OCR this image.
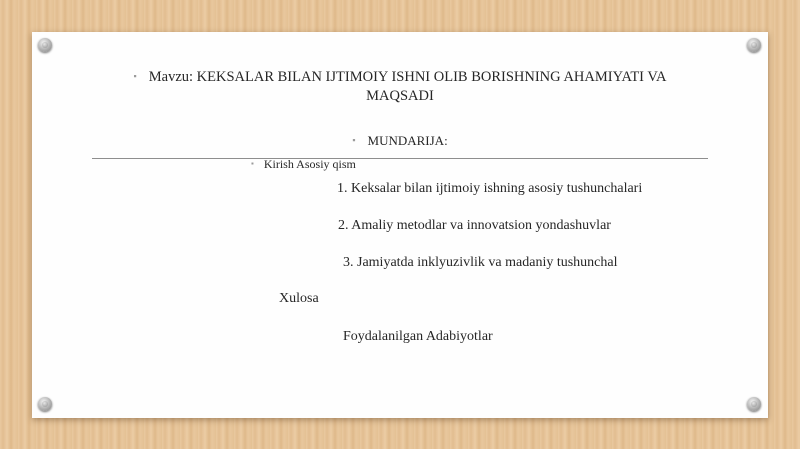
▪ Mavzu: KEKSALAR BILAN IJTIMOIY ISHNI OLIB BORISHNING AHAMIYATI VA MAQSADI
▪ MUNDARIJA:
▪ Kirish Asosiy qism
1. Keksalar bilan ijtimoiy ishning asosiy tushunchalari
2. Amaliy metodlar va innovatsion yondashuvlar
3. Jamiyatda inklyuzivlik va madaniy tushunchal
Xulosa
Foydalanilgan Adabiyotlar
